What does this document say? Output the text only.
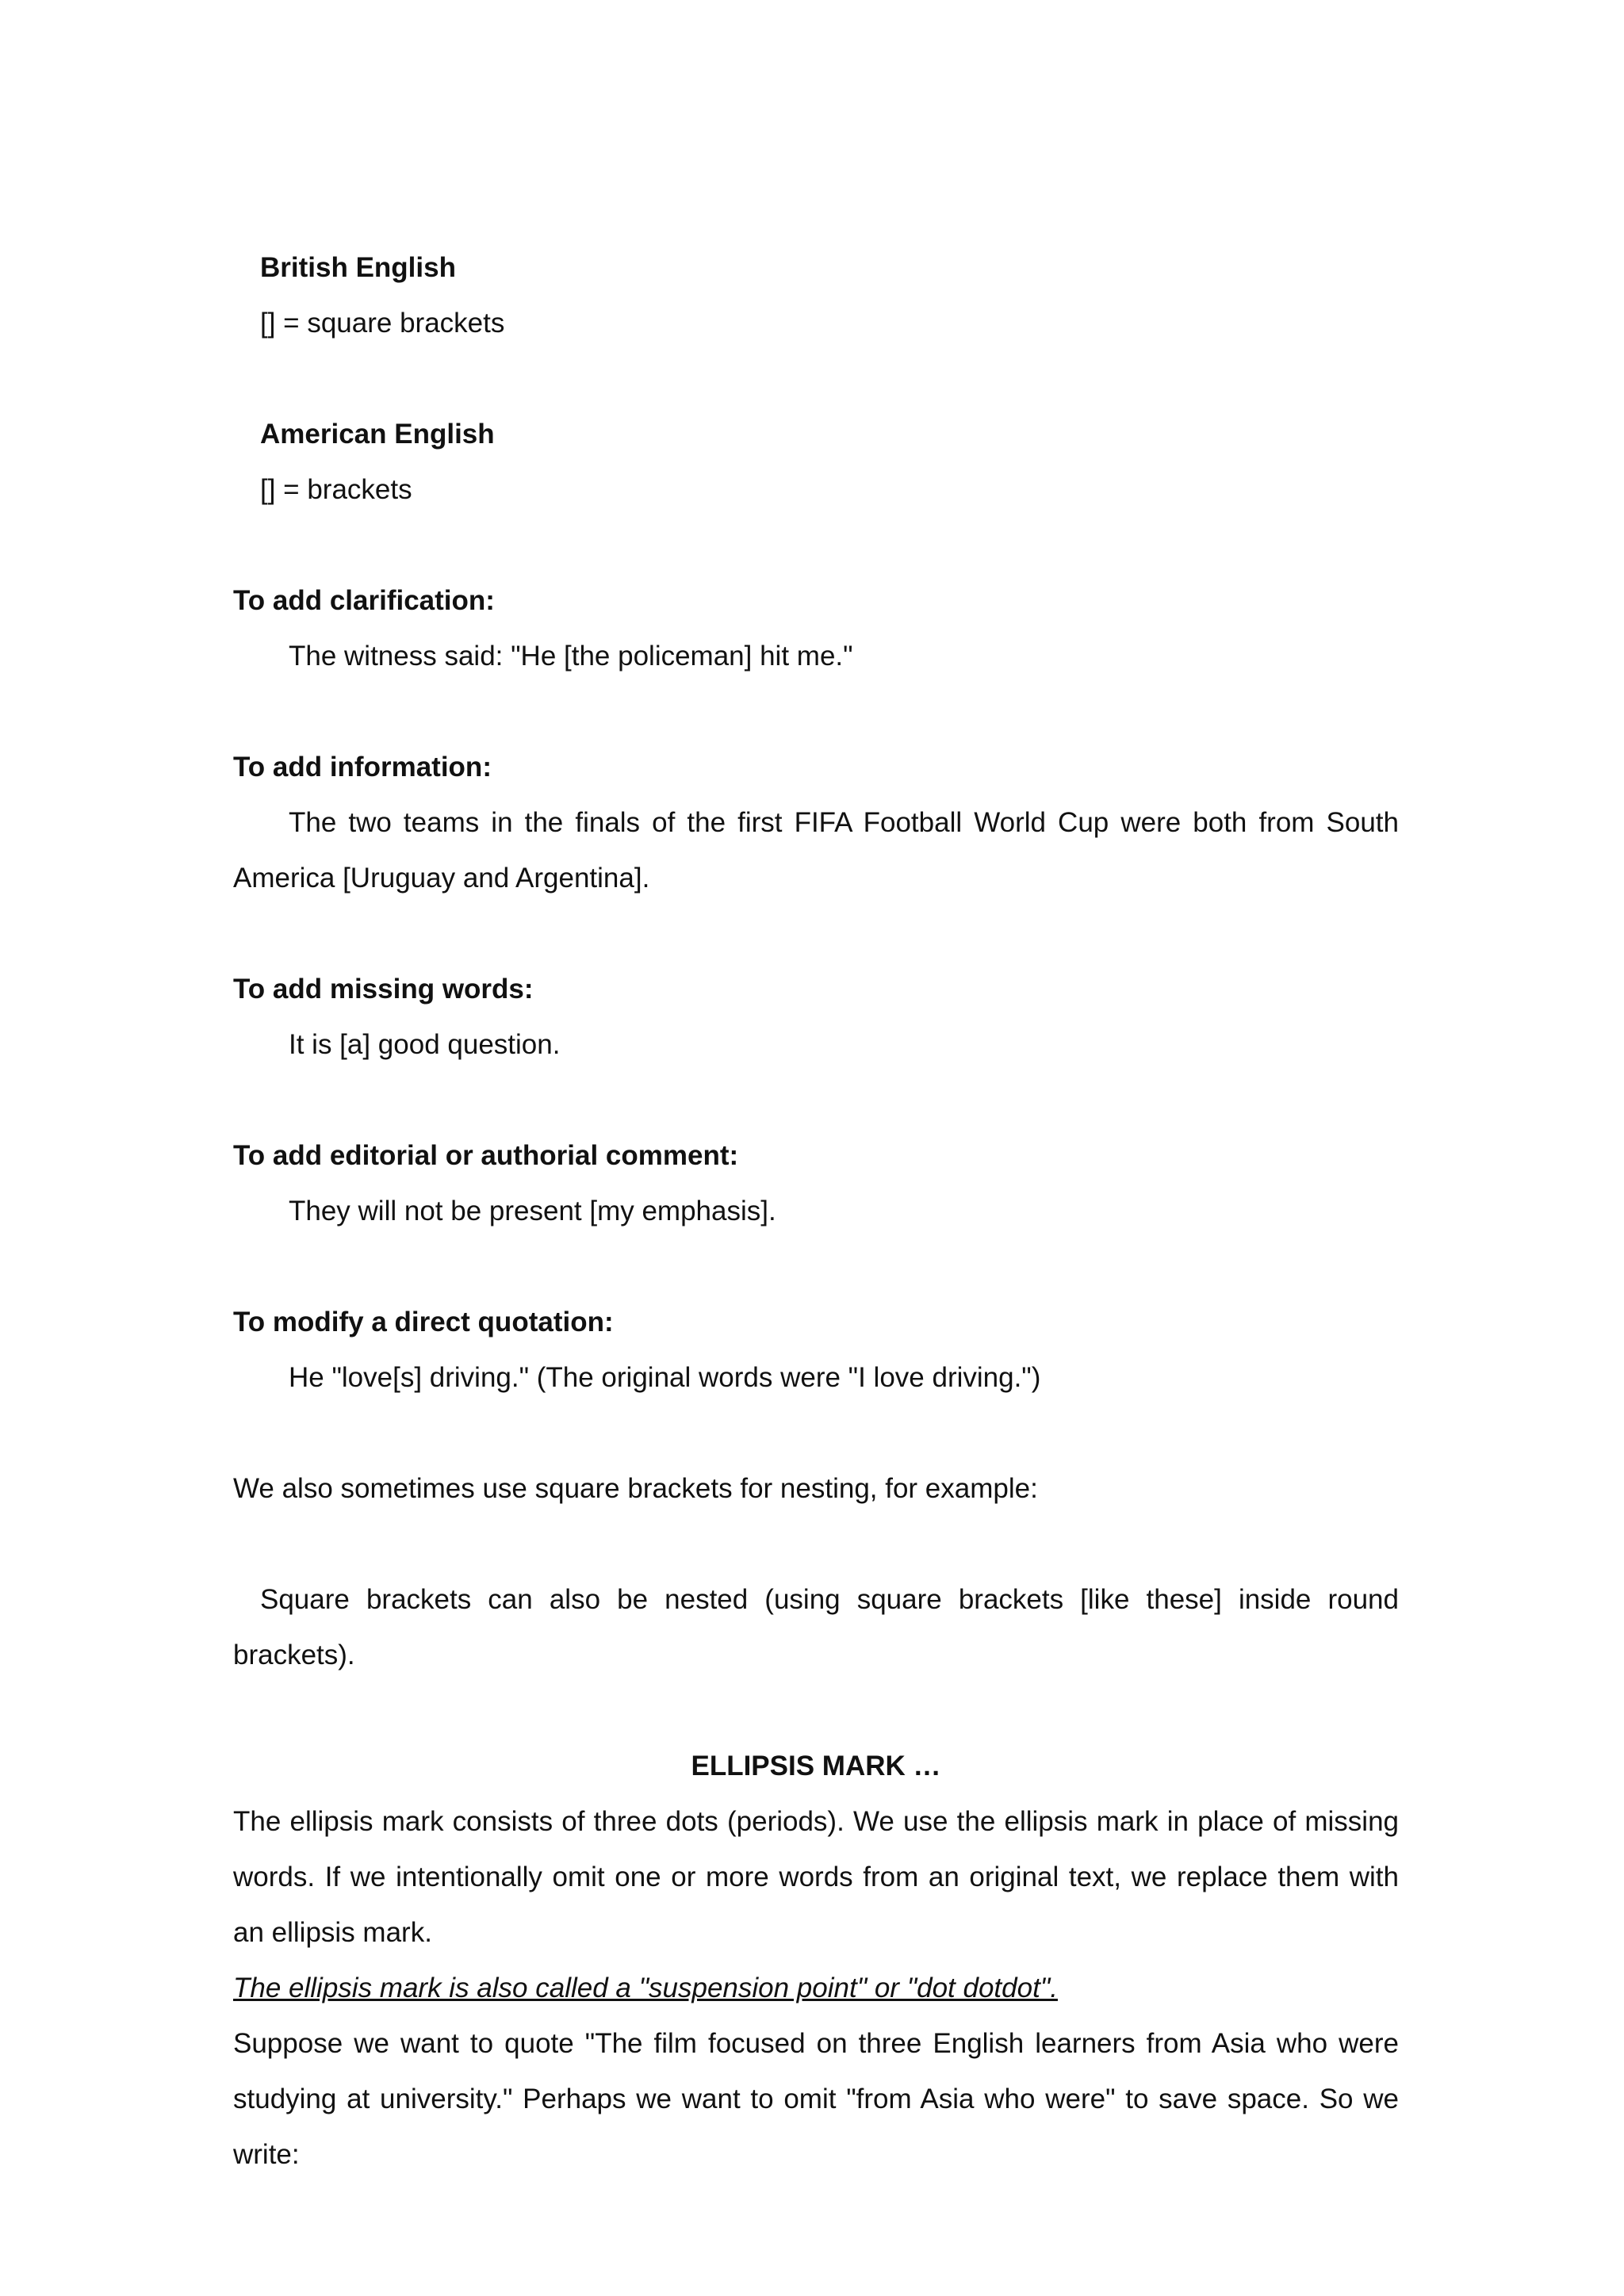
British English

[] = square brackets

American English

[] = brackets

To add clarification:

The witness said: "He [the policeman] hit me."

To add information:

The two teams in the finals of the first FIFA Football World Cup were both from South

America [Uruguay and Argentina].

To add missing words:

It is [a] good question.

To add editorial or authorial comment:

They will not be present [my emphasis].

To modify a direct quotation:

He "love[s] driving." (The original words were "I love driving.")

We also sometimes use square brackets for nesting, for example:

Square brackets can also be nested (using square brackets [like these] inside round

brackets).

ELLIPSIS MARK …

The ellipsis mark consists of three dots (periods). We use the ellipsis mark in place of missing

words. If we intentionally omit one or more words from an original text, we replace them with

an ellipsis mark.

The ellipsis mark is also called a "suspension point" or "dot dotdot".

Suppose we want to quote "The film focused on three English learners from Asia who were

studying at university." Perhaps we want to omit "from Asia who were" to save space. So we

write:
